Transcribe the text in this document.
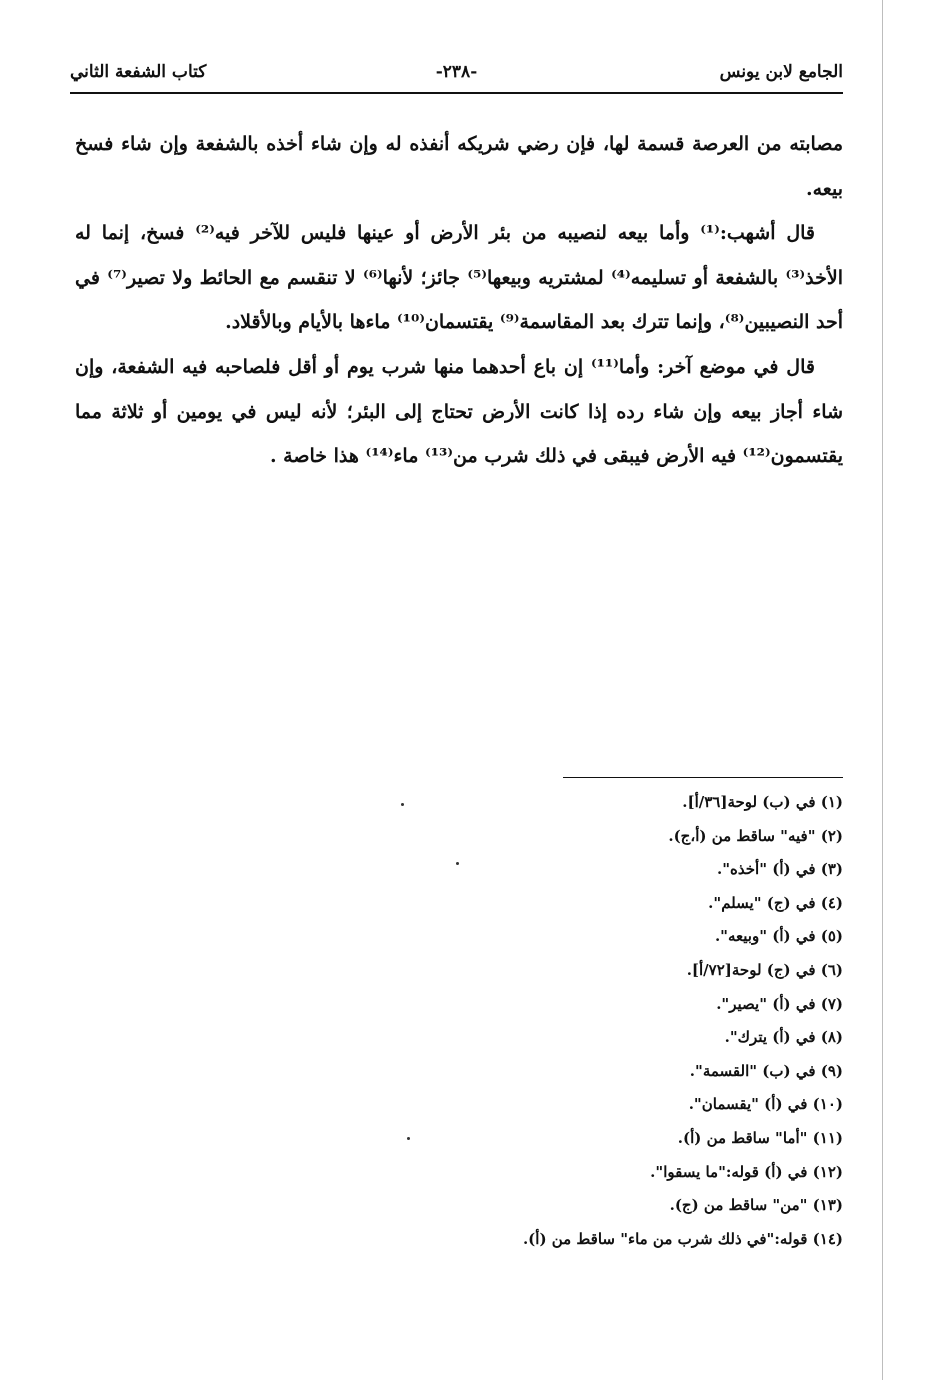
الجامع لابن يونس
-٢٣٨-
كتاب الشفعة الثاني

مصابته من العرصة قسمة لها، فإن رضي شريكه أنفذه له وإن شاء أخذه بالشفعة وإن شاء فسخ بيعه.

قال أشهب:⁽¹⁾ وأما بيعه لنصيبه من بئر الأرض أو عينها فليس للآخر فيه⁽²⁾ فسخ، إنما له الأخذ⁽³⁾ بالشفعة أو تسليمه⁽⁴⁾ لمشتريه وبيعها⁽⁵⁾ جائز؛ لأنها⁽⁶⁾ لا تنقسم مع الحائط ولا تصير⁽⁷⁾ في أحد النصيبين⁽⁸⁾، وإنما تترك بعد المقاسمة⁽⁹⁾ يقتسمان⁽¹⁰⁾ ماءها بالأيام وبالأقلاد.

قال في موضع آخر: وأما⁽¹¹⁾ إن باع أحدهما منها شرب يوم أو أقل فلصاحبه فيه الشفعة، وإن شاء أجاز بيعه وإن شاء رده إذا كانت الأرض تحتاج إلى البئر؛ لأنه ليس في يومين أو ثلاثة مما يقتسمون⁽¹²⁾ فيه الأرض فيبقى في ذلك شرب من⁽¹³⁾ ماء⁽¹⁴⁾ هذا خاصة .

(١) في (ب) لوحة[٣٦/أ].
(٢) "فيه" ساقط من (أ،ج).
(٣) في (أ) "أخذه".
(٤) في (ج) "يسلم".
(٥) في (أ) "وبيعه".
(٦) في (ج) لوحة[٧٢/أ].
(٧) في (أ) "يصير".
(٨) في (أ) يترك".
(٩) في (ب) "القسمة".
(١٠) في (أ) "يقسمان".
(١١) "أما" ساقط من (أ).
(١٢) في (أ) قوله:"ما يسقوا".
(١٣) "من" ساقط من (ج).
(١٤) قوله:"في ذلك شرب من ماء" ساقط من (أ).
